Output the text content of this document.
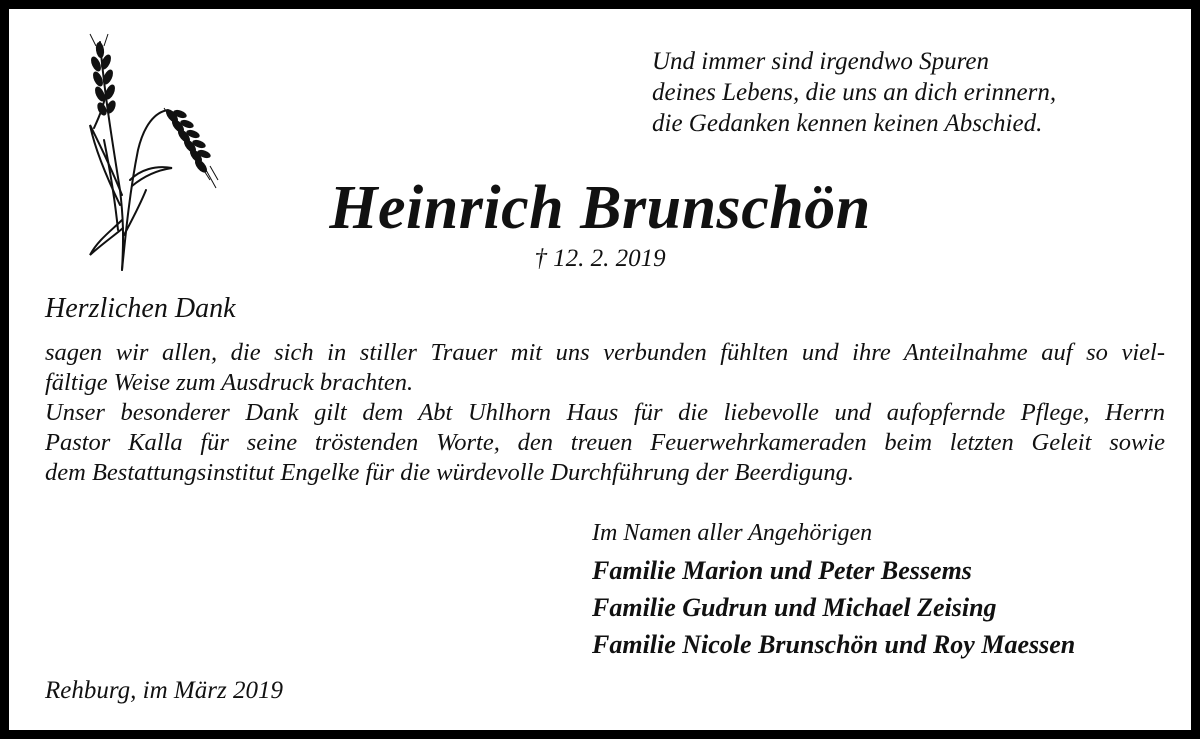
Und immer sind irgendwo Spuren
deines Lebens, die uns an dich erinnern,
die Gedanken kennen keinen Abschied.
Heinrich Brunschön
† 12. 2. 2019
Herzlichen Dank
sagen wir allen, die sich in stiller Trauer mit uns verbunden fühlten und ihre Anteilnahme auf so viel-
fältige Weise zum Ausdruck brachten.
Unser besonderer Dank gilt dem Abt Uhlhorn Haus für die liebevolle und aufopfernde Pflege, Herrn
Pastor Kalla für seine tröstenden Worte, den treuen Feuerwehrkameraden beim letzten Geleit sowie
dem Bestattungsinstitut Engelke für die würdevolle Durchführung der Beerdigung.
Im Namen aller Angehörigen
Familie Marion und Peter Bessems
Familie Gudrun und Michael Zeising
Familie Nicole Brunschön und Roy Maessen
Rehburg, im März 2019
